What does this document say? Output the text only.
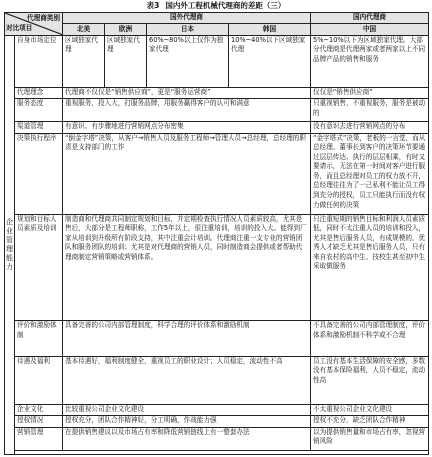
表3 国内外工程机械代理商的差距（三）
代理商类别
对比项目		国外代理商				国内代理商
		北美	欧洲	日本	韩国	中国
企业管理能力	自身市场定位	区域独家代理	区域独家代理	60%~80%以上仅作为独家代理	10%~40%以下区域独家代理	5%~10%以下为区域独家代理。大部分代理商是代理两家或者两家以上不同品牌产品的销售和服务
	代理理念	代理商不仅仅是“销售供应商”，更是“服务运营商”				仅仅是“销售供应商”
	服务态度	重视服务，投入大，打服务品牌，用服务赢得客户的认可和满意				只重视销售，不重视服务，服务是被动的
	渠道管理	有意识、有步骤地进行营销网点分布密集				没有意识去进行营销网点的分布
	决策执行程序	“倒金字塔”决策，从客户→销售人员及服务工程师→管理人员→总经理，总经理的职责是支持部门的工作				“金字塔式”决策，老板的一言堂，而从总经理、董事长到客户的决策环节要通过层层传达、执行的层层相乘，有时又要请示，无法在第一时间对客户进行服务，而且总经理对员工的权力放不开，总经理往往为了一己私利不能让员工得到充分的授权，员工只能执行而没有权力做任何的决策
	规划和目标人员素质及培训	制造商和代理商共同制定规划和目标，并定期检查执行情况人员素质较高，尤其是售后，大部分是工程师职称，工作5年以上，很注重培训，培训的投入大。能得到厂家从培训到升级所有阶段支持，其中注重会计培训。代理商注重一支专业的营销团队和服务团队的培训；尤其是对代理商的营销人员，同时制造商会提供或者帮助代理商制定营销策略或营销体系。				只注重短期的销售目标和利润人员素质低，同时不太注重人员的培训和投入，尤其是售后服务人员，有成规模的，优秀人才缺乏尤其是售后服务人员，只有来自农村的高中生、技校生甚至初中生采取做服务
	评价和激励体制	具备完善的公司内部管理制度，科学合理的评价体系和激励机制				不具备完善的公司内部管理制度，评价体系和激励机制不科学或不合理
	待遇及福利	基本待遇好，福利制度健全，重视员工的职业设计；人员稳定，流动性不高				员工没有基本生活保障的安全感，多数没有基本保险福利，人员不稳定，流动性高
	企业文化	比较重视公司企业文化建设				不太重视公司企业文化建设
	授权情况	授权充分，团队合作精神好，分工明确，作战能力强				授权不充分，缺乏团队合作精神
	营销管理	在提供销售建议以及市场占有率和降低营销链线上有一整套办法				以为提供销售量和市场占有率，忽视营销风险
